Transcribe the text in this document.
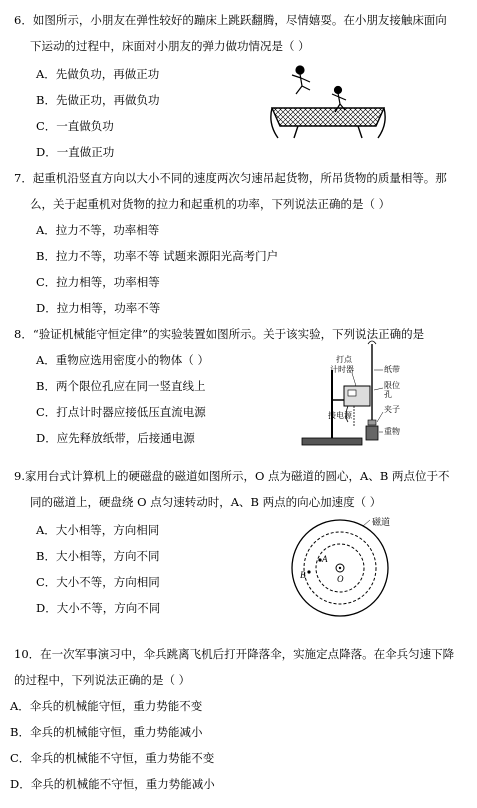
6．如图所示，小朋友在弹性较好的蹦床上跳跃翻腾，尽情嬉耍。在小朋友接触床面向
下运动的过程中，床面对小朋友的弹力做功情况是（ ）
A．先做负功，再做正功
B．先做正功，再做负功
C．一直做负功
D．一直做正功
7．起重机沿竖直方向以大小不同的速度两次匀速吊起货物，所吊货物的质量相等。那
么，关于起重机对货物的拉力和起重机的功率，下列说法正确的是（ ）
A．拉力不等，功率相等
B．拉力不等，功率不等 试题来源阳光高考门户
C．拉力相等，功率相等
D．拉力相等，功率不等
8．“验证机械能守恒定律”的实验装置如图所示。关于该实验，下列说法正确的是
A．重物应选用密度小的物体（ ）
B．两个限位孔应在同一竖直线上
C．打点计时器应接低压直流电源
D．应先释放纸带，后接通电源
打点
计时器	纸带
限位
孔
夹子
接电源
重物
9.家用台式计算机上的硬磁盘的磁道如图所示，O 点为磁道的圆心，A、B 两点位于不
同的磁道上，硬盘绕 O 点匀速转动时，A、B 两点的向心加速度（ ）
A．大小相等，方向相同
B．大小相等，方向不同
C．大小不等，方向相同
D．大小不等，方向不同
磁道
A
B	O
10．在一次军事演习中，伞兵跳离飞机后打开降落伞，实施定点降落。在伞兵匀速下降
的过程中，下列说法正确的是（ ）
A．伞兵的机械能守恒，重力势能不变
B．伞兵的机械能守恒，重力势能减小
C．伞兵的机械能不守恒，重力势能不变
D．伞兵的机械能不守恒，重力势能减小
